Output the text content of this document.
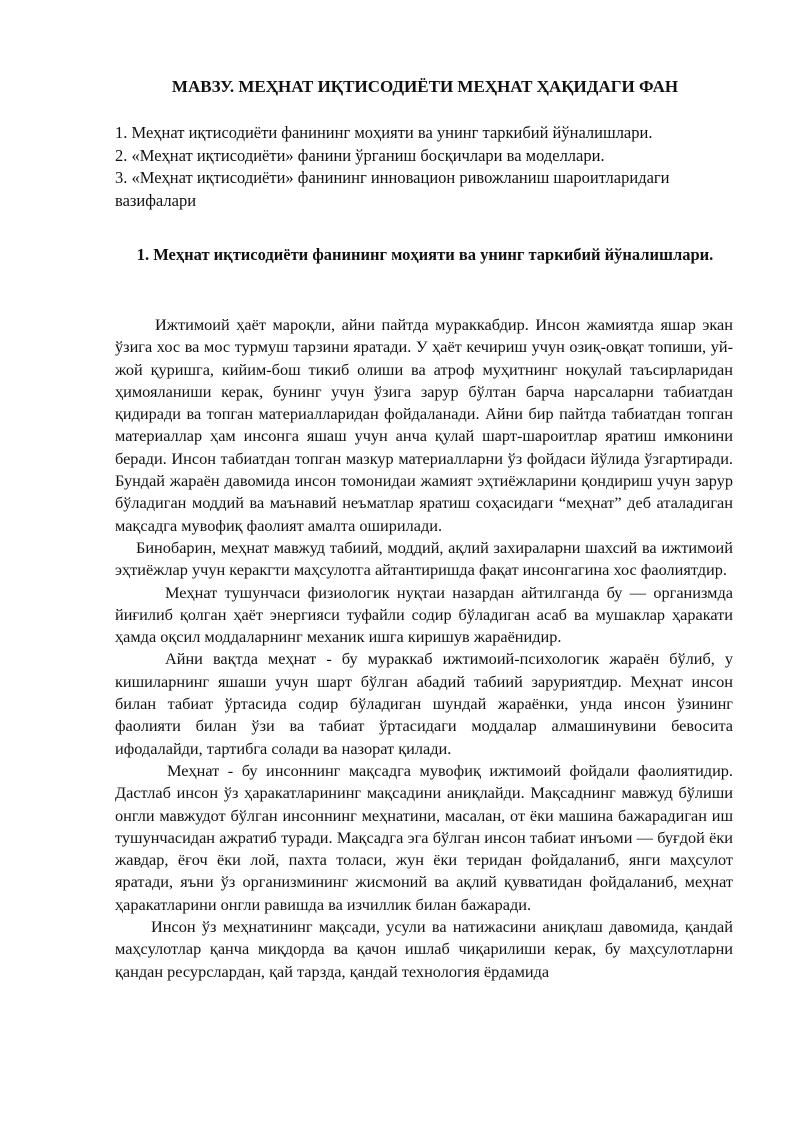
МАВЗУ. МЕҲНАТ ИҚТИСОДИЁТИ МЕҲНАТ ҲАҚИДАГИ ФАН
1. Меҳнат иқтисодиёти фанининг моҳияти ва унинг таркибий йўналишлари.
2. «Меҳнат иқтисодиёти» фанини ўрганиш босқичлари ва моделлари.
3. «Меҳнат иқтисодиёти» фанининг инновацион ривожланиш шароитларидаги вазифалари
1. Меҳнат иқтисодиёти фанининг моҳияти ва унинг таркибий йўналишлари.

Ижтимоий ҳаёт мароқли, айни пайтда мураккабдир. Инсон жамиятда яшар экан ўзига хос ва мос турмуш тарзини яратади. У ҳаёт кечириш учун озиқ-овқат топиши, уй-жой қуришга, кийим-бош тикиб олиши ва атроф муҳитнинг ноқулай таъсирларидан ҳимояланиши керак, бунинг учун ўзига зарур бўлтан барча нарсаларни табиатдан қидиради ва топган материалларидан фойдаланади. Айни бир пайтда табиатдан топган материаллар ҳам инсонга яшаш учун анча қулай шарт-шароитлар яратиш имконини беради. Инсон табиатдан топган мазкур материалларни ўз фойдаси йўлида ўзгартиради. Бундай жараён давомида инсон томонидаи жамият эҳтиёжларини қондириш учун зарур бўладиган моддий ва маънавий неъматлар яратиш соҳасидаги “меҳнат” деб аталадиган мақсадга мувофиқ фаолият амалта оширилади.

Бинобарин, меҳнат мавжуд табиий, моддий, ақлий захираларни шахсий ва ижтимоий эҳтиёжлар учун керакгти маҳсулотга айтантиришда фақат инсонгагина хос фаолиятдир.

Меҳнат тушунчаси физиологик нуқтаи назардан айтилганда бу — организмда йиғилиб қолган ҳаёт энергияси туфайли содир бўладиган асаб ва мушаклар ҳаракати ҳамда оқсил моддаларнинг механик ишга киришув жараёнидир.

Айни вақтда меҳнат - бу мураккаб ижтимоий-психологик жараён бўлиб, у кишиларнинг яшаши учун шарт бўлган абадий табиий заруриятдир. Меҳнат инсон билан табиат ўртасида содир бўладиган шундай жараёнки, унда инсон ўзининг фаолияти билан ўзи ва табиат ўртасидаги моддалар алмашинувини бевосита ифодалайди, тартибга солади ва назорат қилади.

Меҳнат - бу инсоннинг мақсадга мувофиқ ижтимоий фойдали фаолиятидир. Дастлаб инсон ўз ҳаракатларининг мақсадини аниқлайди. Мақсаднинг мавжуд бўлиши онгли мавжудот бўлган инсоннинг меҳнатини, масалан, от ёки машина бажарадиган иш тушунчасидан ажратиб туради. Мақсадга эга бўлган инсон табиат инъоми — буғдой ёки жавдар, ёғоч ёки лой, пахта толаси, жун ёки теридан фойдаланиб, янги маҳсулот яратади, яъни ўз организмининг жисмоний ва ақлий қувватидан фойдаланиб, меҳнат ҳаракатларини онгли равишда ва изчиллик билан бажаради.

Инсон ўз меҳнатининг мақсади, усули ва натижасини аниқлаш давомида, қандай маҳсулотлар қанча миқдорда ва қачон ишлаб чиқарилиши керак, бу маҳсулотларни қандан ресурслардан, қай тарзда, қандай технология ёрдамида
